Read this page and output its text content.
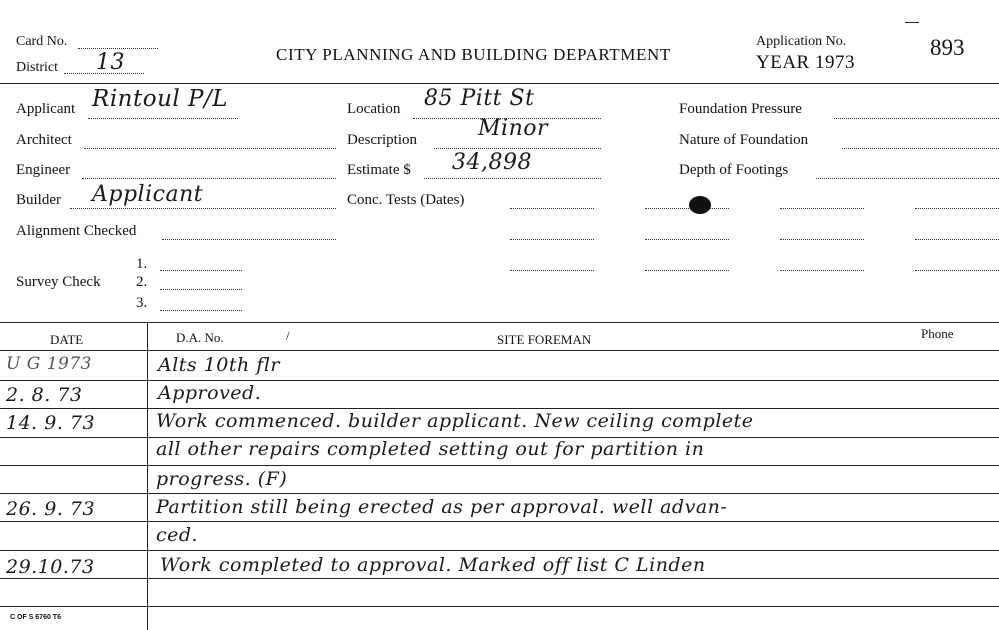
Card No.
District 13	CITY PLANNING AND BUILDING DEPARTMENT
Application No.
YEAR 1973
893
Applicant Rintoul P/L
Architect
Engineer
Builder Applicant
Alignment Checked
Survey Check
1.
2.
3.
Location 85 Pitt St
Description	Minor
Estimate $ 34,898
Conc. Tests (Dates)
Foundation Pressure
Nature of Foundation
Depth of Footings
DATE	D.A. No.	/	SITE FOREMAN	Phone
U G 1973	Alts 10th flr
2. 8. 73	Approved.
14. 9. 73	Work commenced. builder applicant. New ceiling complete
all other repairs completed setting out for partition in
progress. (F)
26. 9. 73	Partition still being erected as per approval. well advan-
ced.
29.10.73	Work completed to approval. Marked off list C Linden
C OF S 6760 T6
